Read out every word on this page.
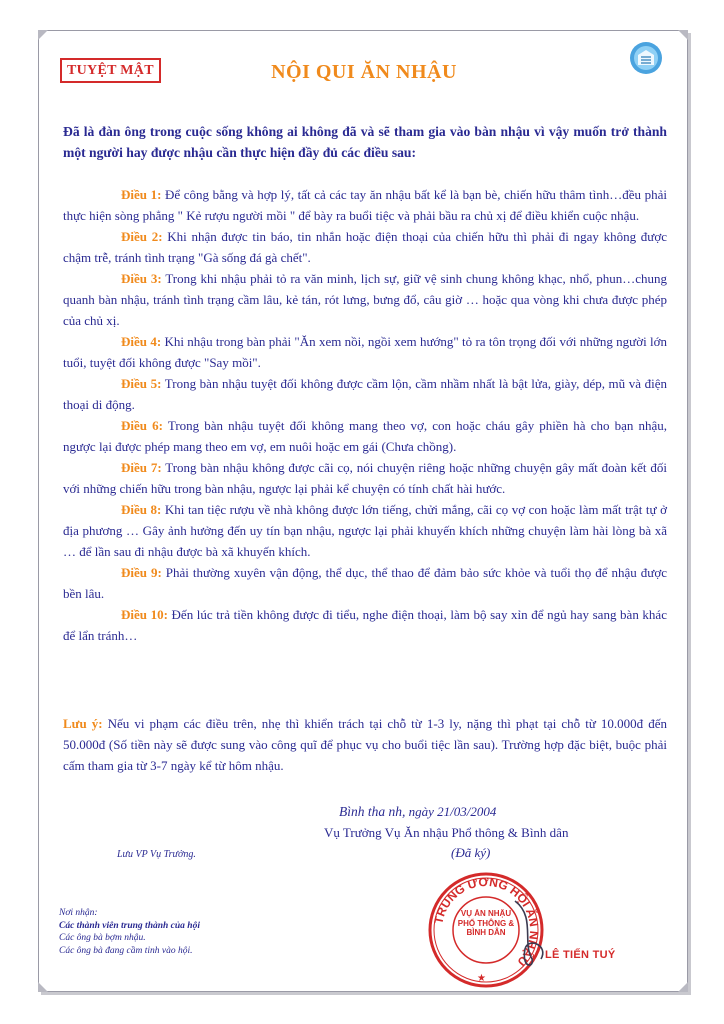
TUYỆT MẬT	NỘI QUI ĂN NHẬU
Đã là đàn ông trong cuộc sống không ai không đã và sẽ tham gia vào bàn nhậu vì vậy muốn trở thành một người hay được nhậu cần thực hiện đầy đủ các điều sau:

Điều 1: Để công bằng và hợp lý, tất cả các tay ăn nhậu bất kể là bạn bè, chiến hữu thâm tình…đều phải thực hiện sòng phẳng " Kẻ rượu người mồi " để bày ra buổi tiệc và phải bầu ra chủ xị để điều khiển cuộc nhậu.

Điều 2: Khi nhận được tin báo, tin nhắn hoặc điện thoại của chiến hữu thì phải đi ngay không được chậm trễ, tránh tình trạng "Gà sống đá gà chết".

Điều 3: Trong khi nhậu phải tỏ ra văn minh, lịch sự, giữ vệ sinh chung không khạc, nhổ, phun…chung quanh bàn nhậu, tránh tình trạng cầm lâu, kẻ tán, rót lưng, bưng đổ, câu giờ … hoặc qua vòng khi chưa được phép của chủ xị.

Điều 4: Khi nhậu trong bàn phải "Ăn xem nồi, ngồi xem hướng" tỏ ra tôn trọng đối với những người lớn tuổi, tuyệt đối không được "Say mồi".

Điều 5: Trong bàn nhậu tuyệt đối không được cầm lộn, cầm nhầm nhất là bật lửa, giày, dép, mũ và điện thoại di động.

Điều 6: Trong bàn nhậu tuyệt đối không mang theo vợ, con hoặc cháu gây phiền hà cho bạn nhậu, ngược lại được phép mang theo em vợ, em nuôi hoặc em gái (Chưa chồng).

Điều 7: Trong bàn nhậu không được cãi cọ, nói chuyện riêng hoặc những chuyện gây mất đoàn kết đối với những chiến hữu trong bàn nhậu, ngược lại phải kể chuyện có tính chất hài hước.

Điều 8: Khi tan tiệc rượu về nhà không được lớn tiếng, chửi mắng, cãi cọ vợ con hoặc làm mất trật tự ở địa phương … Gây ảnh hưởng đến uy tín bạn nhậu, ngược lại phải khuyến khích những chuyện làm hài lòng bà xã … để lần sau đi nhậu được bà xã khuyến khích.

Điều 9: Phải thường xuyên vận động, thể dục, thể thao để đảm bảo sức khỏe và tuổi thọ để nhậu được bền lâu.

Điều 10: Đến lúc trả tiền không được đi tiểu, nghe điện thoại, làm bộ say xỉn để ngủ hay sang bàn khác để lẩn tránh…

Lưu ý: Nếu vi phạm các điều trên, nhẹ thì khiển trách tại chỗ từ 1-3 ly, nặng thì phạt tại chỗ từ 10.000đ đến 50.000đ (Số tiền này sẽ được sung vào công quĩ để phục vụ cho buổi tiệc lần sau). Trường hợp đặc biệt, buộc phải cấm tham gia từ 3-7 ngày kể từ hôm nhậu.
Bình tha nh, ngày 21/03/2004
Vụ Trưởng Vụ Ăn nhậu Phổ thông & Bình dân
(Đã ký)
Lưu VP Vụ Trưởng.
Nơi nhận:
Các thành viên trung thành của hội
Các ông bà bợm nhậu.
Các ông bà đang cầm tinh vào hội.
TRUNG ƯƠNG HỘI ĂN NHẬU
VỤ ĂN NHẬU PHỔ THÔNG & BÌNH DÂN
★
LÊ TIẾN TUÝ
